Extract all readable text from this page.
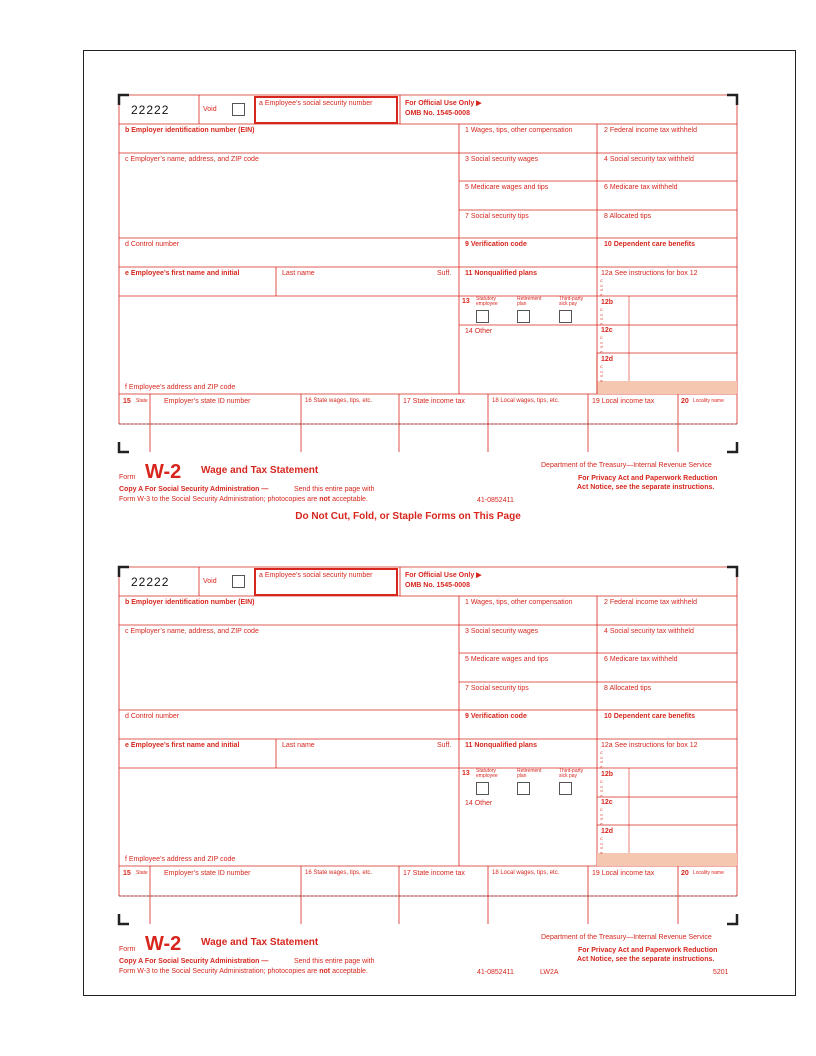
22222	Void
a Employee’s social security number	For Official Use Only ▶
OMB No. 1545-0008
b Employer identification number (EIN)
c Employer’s name, address, and ZIP code
d Control number
e Employee’s first name and initial	Last name	Suff.
f Employee’s address and ZIP code
1 Wages, tips, other compensation	2 Federal income tax withheld
3 Social security wages	4 Social security tax withheld
5 Medicare wages and tips	6 Medicare tax withheld
7 Social security tips	8 Allocated tips
9 Verification code	10 Dependent care benefits
11 Nonqualified plans	12a See instructions for box 12
12b
12c
12d
C
o
d
e
C
o
d
e
C
o
d
e
C
o
d
e
13 Statutory employee
Retirement plan
Third-party sick pay
14 Other
15 State Employer’s state ID number	16 State wages, tips, etc.	17 State income tax	18 Local wages, tips, etc.	19 Local income tax	20 Locality name
Form W-2 Wage and Tax Statement
Copy A For Social Security Administration —	Send this entire page with
Form W-3 to the Social Security Administration; photocopies are not acceptable.	41-0852411
Department of the Treasury—Internal Revenue Service
For Privacy Act and Paperwork Reduction
Act Notice, see the separate instructions.
Do Not Cut, Fold, or Staple Forms on This Page
22222	Void
a Employee’s social security number	For Official Use Only ▶
OMB No. 1545-0008
b Employer identification number (EIN)
c Employer’s name, address, and ZIP code
d Control number
e Employee’s first name and initial	Last name	Suff.
f Employee’s address and ZIP code
1 Wages, tips, other compensation	2 Federal income tax withheld
3 Social security wages	4 Social security tax withheld
5 Medicare wages and tips	6 Medicare tax withheld
7 Social security tips	8 Allocated tips
9 Verification code	10 Dependent care benefits
11 Nonqualified plans	12a See instructions for box 12
12b
12c
12d
C
o
d
e
C
o
d
e
C
o
d
e
C
o
d
e
13 Statutory employee
Retirement plan
Third-party sick pay
14 Other
15 State Employer’s state ID number	16 State wages, tips, etc.	17 State income tax	18 Local wages, tips, etc.	19 Local income tax	20 Locality name
Form W-2 Wage and Tax Statement
Copy A For Social Security Administration —	Send this entire page with
Form W-3 to the Social Security Administration; photocopies are not acceptable.	41-0852411	LW2A	5201
Department of the Treasury—Internal Revenue Service
For Privacy Act and Paperwork Reduction
Act Notice, see the separate instructions.
